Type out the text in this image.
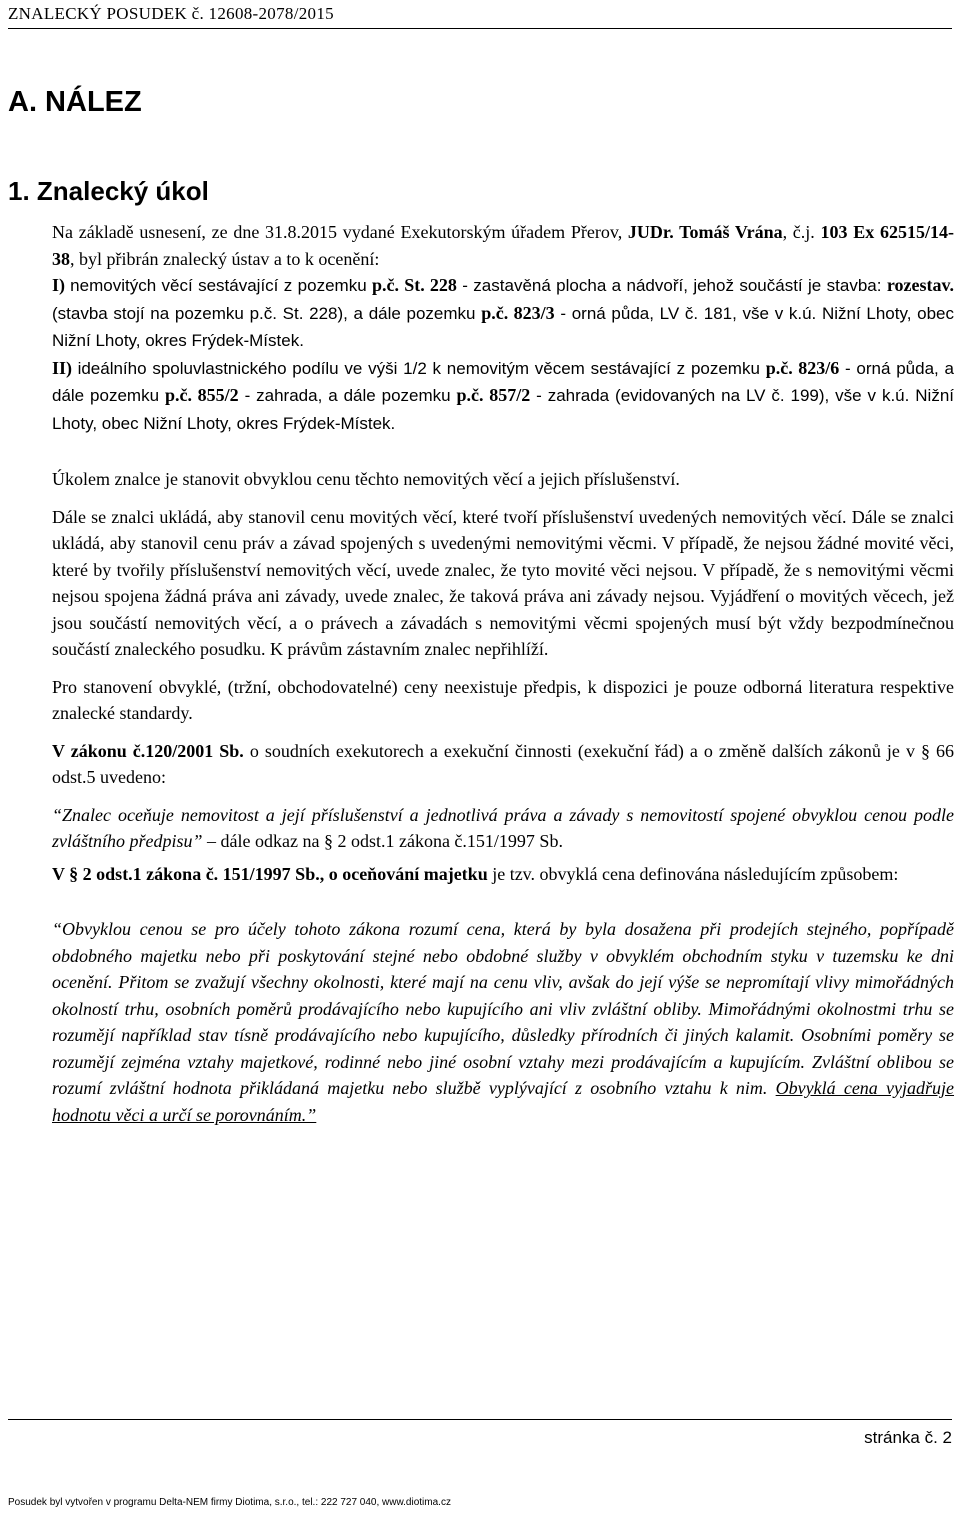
ZNALECKÝ POSUDEK č. 12608-2078/2015
A. NÁLEZ
1. Znalecký úkol

Na základě usnesení, ze dne 31.8.2015 vydané Exekutorským úřadem Přerov, JUDr. Tomáš Vrána, č.j. 103 Ex 62515/14-38, byl přibrán znalecký ústav a to k ocenění:
I) nemovitých věcí sestávající z pozemku p.č. St. 228 - zastavěná plocha a nádvoří, jehož součástí je stavba: rozestav. (stavba stojí na pozemku p.č. St. 228), a dále pozemku p.č. 823/3 - orná půda, LV č. 181, vše v k.ú. Nižní Lhoty, obec Nižní Lhoty, okres Frýdek-Místek.

II) ideálního spoluvlastnického podílu ve výši 1/2 k nemovitým věcem sestávající z pozemku p.č. 823/6 - orná půda, a dále pozemku p.č. 855/2 - zahrada, a dále pozemku p.č. 857/2 - zahrada (evidovaných na LV č. 199), vše v k.ú. Nižní Lhoty, obec Nižní Lhoty, okres Frýdek-Místek.

Úkolem znalce je stanovit obvyklou cenu těchto nemovitých věcí a jejich příslušenství.

Dále se znalci ukládá, aby stanovil cenu movitých věcí, které tvoří příslušenství uvedených nemovitých věcí. Dále se znalci ukládá, aby stanovil cenu práv a závad spojených s uvedenými nemovitými věcmi. V případě, že nejsou žádné movité věci, které by tvořily příslušenství nemovitých věcí, uvede znalec, že tyto movité věci nejsou. V případě, že s nemovitými věcmi nejsou spojena žádná práva ani závady, uvede znalec, že taková práva ani závady nejsou. Vyjádření o movitých věcech, jež jsou součástí nemovitých věcí, a o právech a závadách s nemovitými věcmi spojených musí být vždy bezpodmínečnou součástí znaleckého posudku. K právům zástavním znalec nepřihlíží.

Pro stanovení obvyklé, (tržní, obchodovatelné) ceny neexistuje předpis, k dispozici je pouze odborná literatura respektive znalecké standardy.

V zákonu č.120/2001 Sb. o soudních exekutorech a exekuční činnosti (exekuční řád) a o změně dalších zákonů je v § 66 odst.5 uvedeno:

“Znalec oceňuje nemovitost a její příslušenství a jednotlivá práva a závady s nemovitostí spojené obvyklou cenou podle zvláštního předpisu” – dále odkaz na § 2 odst.1 zákona č.151/1997 Sb.

V § 2 odst.1 zákona č. 151/1997 Sb., o oceňování majetku je tzv. obvyklá cena definována následujícím způsobem:

“Obvyklou cenou se pro účely tohoto zákona rozumí cena, která by byla dosažena při prodejích stejného, popřípadě obdobného majetku nebo při poskytování stejné nebo obdobné služby v obvyklém obchodním styku v tuzemsku ke dni ocenění. Přitom se zvažují všechny okolnosti, které mají na cenu vliv, avšak do její výše se nepromítají vlivy mimořádných okolností trhu, osobních poměrů prodávajícího nebo kupujícího ani vliv zvláštní obliby. Mimořádnými okolnostmi trhu se rozumějí například stav tísně prodávajícího nebo kupujícího, důsledky přírodních či jiných kalamit. Osobními poměry se rozumějí zejména vztahy majetkové, rodinné nebo jiné osobní vztahy mezi prodávajícím a kupujícím. Zvláštní oblibou se rozumí zvláštní hodnota přikládaná majetku nebo službě vyplývající z osobního vztahu k nim. Obvyklá cena vyjadřuje hodnotu věci a určí se porovnáním.”

stránka č. 2
Posudek byl vytvořen v programu Delta-NEM firmy Diotima, s.r.o., tel.: 222 727 040, www.diotima.cz
